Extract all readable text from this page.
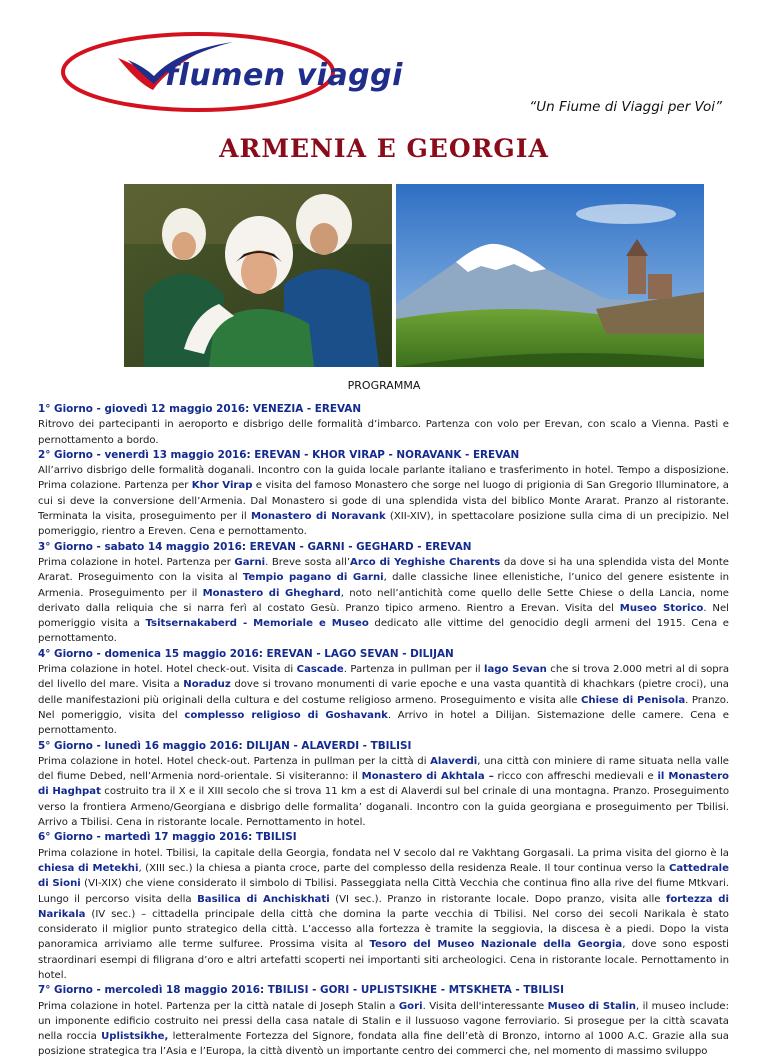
flumen viaggi
“Un Fiume di Viaggi per Voi”
ARMENIA E GEORGIA
PROGRAMMA
1° Giorno - giovedì 12 maggio 2016: VENEZIA - EREVAN
Ritrovo dei partecipanti in aeroporto e disbrigo delle formalità d’imbarco. Partenza con volo per Erevan, con scalo a Vienna. Pasti e pernottamento a bordo.
2° Giorno - venerdì 13 maggio 2016: EREVAN - KHOR VIRAP - NORAVANK - EREVAN
All’arrivo disbrigo delle formalità doganali. Incontro con la guida locale parlante italiano e trasferimento in hotel. Tempo a disposizione. Prima colazione. Partenza per Khor Virap e visita del famoso Monastero che sorge nel luogo di prigionia di San Gregorio Illuminatore, a cui si deve la conversione dell’Armenia. Dal Monastero si gode di una splendida vista del biblico Monte Ararat. Pranzo al ristorante. Terminata la visita, proseguimento per il Monastero di Noravank (XII-XIV), in spettacolare posizione sulla cima di un precipizio. Nel pomeriggio, rientro a Ereven. Cena e pernottamento.
3° Giorno - sabato 14 maggio 2016: EREVAN - GARNI - GEGHARD - EREVAN
Prima colazione in hotel. Partenza per Garni. Breve sosta all’Arco di Yeghishe Charents da dove si ha una splendida vista del Monte Ararat. Proseguimento con la visita al Tempio pagano di Garni, dalle classiche linee ellenistiche, l’unico del genere esistente in Armenia. Proseguimento per il Monastero di Gheghard, noto nell’antichità come quello delle Sette Chiese o della Lancia, nome derivato dalla reliquia che si narra ferì al costato Gesù. Pranzo tipico armeno. Rientro a Erevan. Visita del Museo Storico. Nel pomeriggio visita a Tsitsernakaberd - Memoriale e Museo dedicato alle vittime del genocidio degli armeni del 1915. Cena e pernottamento.
4° Giorno - domenica 15 maggio 2016: EREVAN - LAGO SEVAN - DILIJAN
Prima colazione in hotel. Hotel check-out. Visita di Cascade. Partenza in pullman per il lago Sevan che si trova 2.000 metri al di sopra del livello del mare. Visita a Noraduz dove si trovano monumenti di varie epoche e una vasta quantità di khachkars (pietre croci), una delle manifestazioni più originali della cultura e del costume religioso armeno. Proseguimento e visita alle Chiese di Penisola. Pranzo. Nel pomeriggio, visita del complesso religioso di Goshavank. Arrivo in hotel a Dilijan. Sistemazione delle camere. Cena e pernottamento.
5° Giorno - lunedì 16 maggio 2016: DILIJAN - ALAVERDI - TBILISI
Prima colazione in hotel. Hotel check-out. Partenza in pullman per la città di Alaverdi, una città con miniere di rame situata nella valle del fiume Debed, nell’Armenia nord-orientale. Si visiteranno: il Monastero di Akhtala – ricco con affreschi medievali e il Monastero di Haghpat costruito tra il X e il XIII secolo che si trova 11 km a est di Alaverdi sul bel crinale di una montagna. Pranzo. Proseguimento verso la frontiera Armeno/Georgiana e disbrigo delle formalita’ doganali. Incontro con la guida georgiana e proseguimento per Tbilisi. Arrivo a Tbilisi. Cena in ristorante locale. Pernottamento in hotel.
6° Giorno - martedì 17 maggio 2016: TBILISI
Prima colazione in hotel. Tbilisi, la capitale della Georgia, fondata nel V secolo dal re Vakhtang Gorgasali. La prima visita del giorno è la chiesa di Metekhi, (XIII sec.) la chiesa a pianta croce, parte del complesso della residenza Reale. Il tour continua verso la Cattedrale di Sioni (VI-XIX) che viene considerato il simbolo di Tbilisi. Passeggiata nella Città Vecchia che continua fino alla rive del fiume Mtkvari. Lungo il percorso visita della Basilica di Anchiskhati (VI sec.). Pranzo in ristorante locale. Dopo pranzo, visita alle fortezza di Narikala (IV sec.) – cittadella principale della città che domina la parte vecchia di Tbilisi. Nel corso dei secoli Narikala è stato considerato il miglior punto strategico della città. L’accesso alla fortezza è tramite la seggiovia, la discesa è a piedi. Dopo la vista panoramica arriviamo alle terme sulfuree. Prossima visita al Tesoro del Museo Nazionale della Georgia, dove sono esposti straordinari esempi di filigrana d’oro e altri artefatti scoperti nei importanti siti archeologici. Cena in ristorante locale. Pernottamento in hotel.
7° Giorno - mercoledì 18 maggio 2016: TBILISI - GORI - UPLISTSIKHE - MTSKHETA - TBILISI
Prima colazione in hotel. Partenza per la città natale di Joseph Stalin a Gori. Visita dell'interessante Museo di Stalin, il museo include: un imponente edificio costruito nei pressi della casa natale di Stalin e il lussuoso vagone ferroviario. Si prosegue per la città scavata nella roccia Uplistsikhe, letteralmente Fortezza del Signore, fondata alla fine dell’età di Bronzo, intorno al 1000 A.C. Grazie alla sua posizione strategica tra l’Asia e l’Europa, la città diventò un importante centro dei commerci che, nel momento di massimo sviluppo
